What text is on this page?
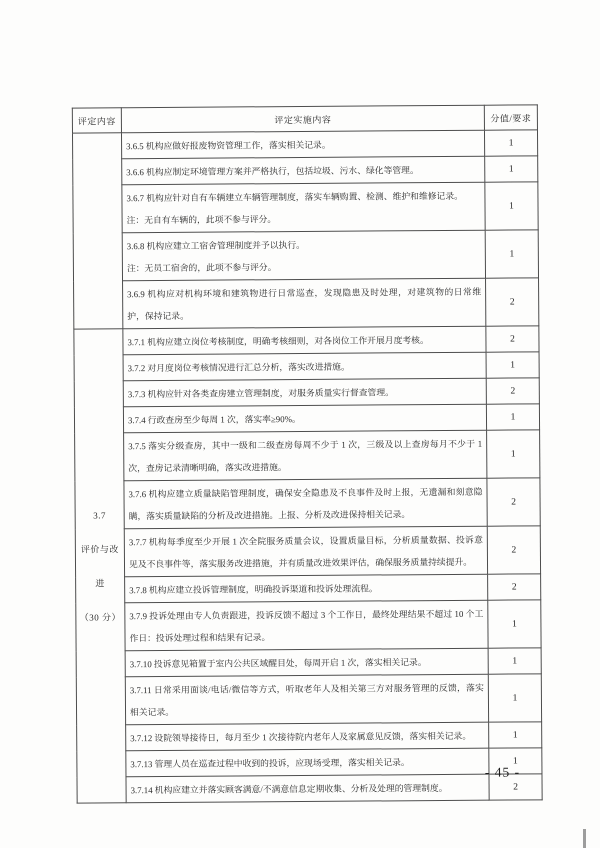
评定内容	评定实施内容	分值/要求
	3.6.5 机构应做好报废物资管理工作，落实相关记录。	1
	3.6.6 机构应制定环境管理方案并严格执行，包括垃圾、污水、绿化等管理。	1
	3.6.7 机构应针对自有车辆建立车辆管理制度，落实车辆购置、检测、维护和维修记录。
注：无自有车辆的，此项不参与评分。	1
	3.6.8 机构应建立工宿舍管理制度并予以执行。
注：无员工宿舍的，此项不参与评分。	1
	3.6.9 机构应对机构环境和建筑物进行日常巡查，发现隐患及时处理，对建筑物的日常维护，保持记录。	2
3.7
评价与改进
（30 分）	3.7.1 机构应建立岗位考核制度，明确考核细则，对各岗位工作开展月度考核。	2
	3.7.2 对月度岗位考核情况进行汇总分析，落实改进措施。	1
	3.7.3 机构应针对各类查房建立管理制度，对服务质量实行督查管理。	2
	3.7.4 行政查房至少每周 1 次，落实率≥90%。	1
	3.7.5 落实分级查房，其中一级和二级查房每周不少于 1 次，三级及以上查房每月不少于 1 次，查房记录清晰明确，落实改进措施。	1
	3.7.6 机构应建立质量缺陷管理制度，确保安全隐患及不良事件及时上报，无遗漏和刻意隐瞒，落实质量缺陷的分析及改进措施。上报、分析及改进保持相关记录。	2
	3.7.7 机构每季度至少开展 1 次全院服务质量会议，设置质量目标，分析质量数据、投诉意见及不良事件等，落实服务改进措施，并有质量改进效果评估，确保服务质量持续提升。	2
	3.7.8 机构应建立投诉管理制度，明确投诉渠道和投诉处理流程。	2
	3.7.9 投诉处理由专人负责跟进，投诉反馈不超过 3 个工作日，最终处理结果不超过 10 个工作日：投诉处理过程和结果有记录。	1
	3.7.10 投诉意见箱置于室内公共区域醒目处，每周开启 1 次，落实相关记录。	1
	3.7.11 日常采用面谈/电话/微信等方式，听取老年人及相关第三方对服务管理的反馈，落实相关记录。	1
	3.7.12 设院领导接待日，每月至少 1 次接待院内老年人及家属意见反馈，落实相关记录。	1
	3.7.13 管理人员在巡查过程中收到的投诉，应现场受理，落实相关记录。	1
	3.7.14 机构应建立并落实顾客满意/不满意信息定期收集、分析及处理的管理制度。	2
- 45 -
